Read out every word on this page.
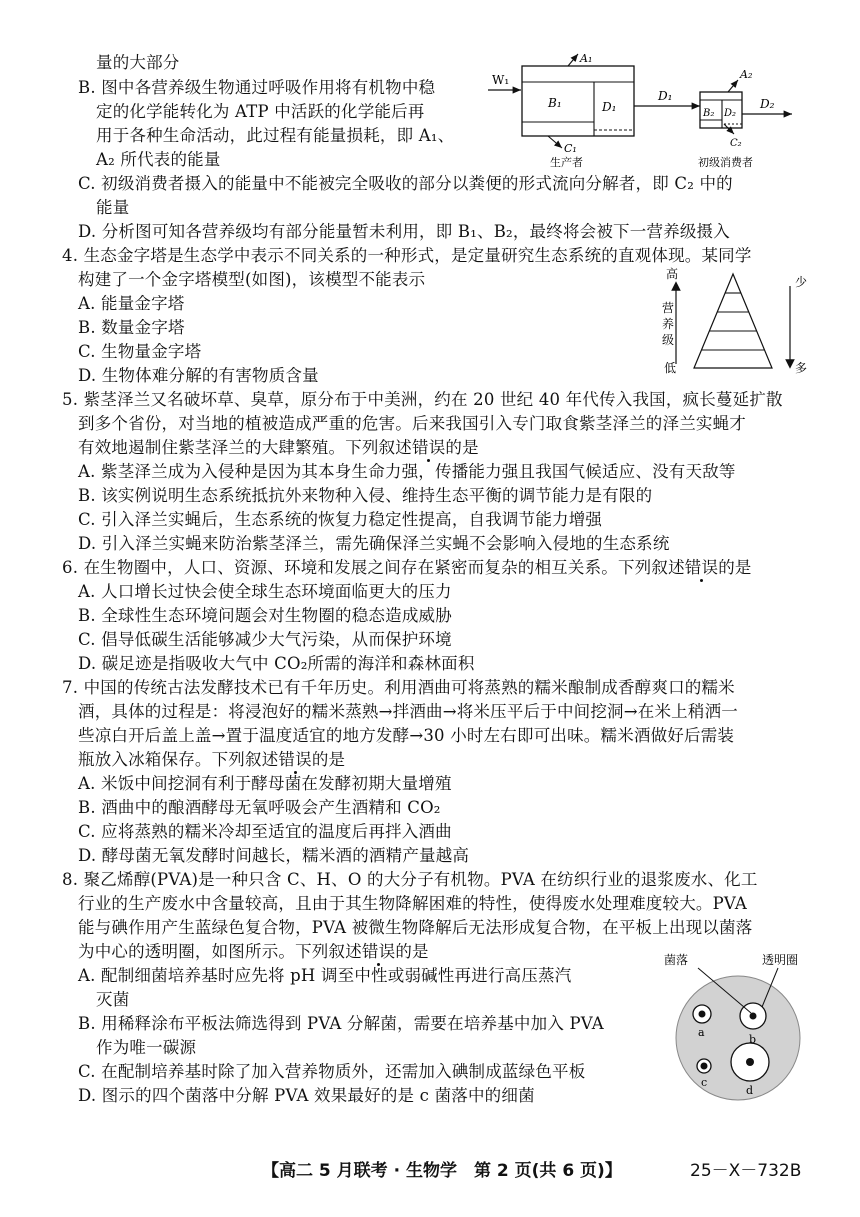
量的大部分
B. 图中各营养级生物通过呼吸作用将有机物中稳
定的化学能转化为 ATP 中活跃的化学能后再
用于各种生命活动，此过程有能量损耗，即 A₁、
A₂ 所代表的能量
C. 初级消费者摄入的能量中不能被完全吸收的部分以粪便的形式流向分解者，即 C₂ 中的
能量
D. 分析图可知各营养级均有部分能量暂未利用，即 B₁、B₂，最终将会被下一营养级摄入
W₁
A₁
B₁	D₁
C₁
D₁
生产者
A₂
B₂ D₂
C₂
D₂
初级消费者
4. 生态金字塔是生态学中表示不同关系的一种形式，是定量研究生态系统的直观体现。某同学
构建了一个金字塔模型(如图)，该模型不能表示
A. 能量金字塔
B. 数量金字塔
C. 生物量金字塔
D. 生物体难分解的有害物质含量
高
营
养
级
低
少
多
5. 紫茎泽兰又名破坏草、臭草，原分布于中美洲，约在 20 世纪 40 年代传入我国，疯长蔓延扩散
到多个省份，对当地的植被造成严重的危害。后来我国引入专门取食紫茎泽兰的泽兰实蝇才
有效地遏制住紫茎泽兰的大肆繁殖。下列叙述错误的是
A. 紫茎泽兰成为入侵种是因为其本身生命力强，传播能力强且我国气候适应、没有天敌等
B. 该实例说明生态系统抵抗外来物种入侵、维持生态平衡的调节能力是有限的
C. 引入泽兰实蝇后，生态系统的恢复力稳定性提高，自我调节能力增强
D. 引入泽兰实蝇来防治紫茎泽兰，需先确保泽兰实蝇不会影响入侵地的生态系统
6. 在生物圈中，人口、资源、环境和发展之间存在紧密而复杂的相互关系。下列叙述错误的是
A. 人口增长过快会使全球生态环境面临更大的压力
B. 全球性生态环境问题会对生物圈的稳态造成威胁
C. 倡导低碳生活能够减少大气污染，从而保护环境
D. 碳足迹是指吸收大气中 CO₂所需的海洋和森林面积
7. 中国的传统古法发酵技术已有千年历史。利用酒曲可将蒸熟的糯米酿制成香醇爽口的糯米
酒，具体的过程是：将浸泡好的糯米蒸熟→拌酒曲→将米压平后于中间挖洞→在米上稍洒一
些凉白开后盖上盖→置于温度适宜的地方发酵→30 小时左右即可出味。糯米酒做好后需装
瓶放入冰箱保存。下列叙述错误的是
A. 米饭中间挖洞有利于酵母菌在发酵初期大量增殖
B. 酒曲中的酿酒酵母无氧呼吸会产生酒精和 CO₂
C. 应将蒸熟的糯米冷却至适宜的温度后再拌入酒曲
D. 酵母菌无氧发酵时间越长，糯米酒的酒精产量越高
8. 聚乙烯醇(PVA)是一种只含 C、H、O 的大分子有机物。PVA 在纺织行业的退浆废水、化工
行业的生产废水中含量较高，且由于其生物降解困难的特性，使得废水处理难度较大。PVA
能与碘作用产生蓝绿色复合物，PVA 被微生物降解后无法形成复合物，在平板上出现以菌落
为中心的透明圈，如图所示。下列叙述错误的是
A. 配制细菌培养基时应先将 pH 调至中性或弱碱性再进行高压蒸汽
灭菌
B. 用稀释涂布平板法筛选得到 PVA 分解菌，需要在培养基中加入 PVA
作为唯一碳源
C. 在配制培养基时除了加入营养物质外，还需加入碘制成蓝绿色平板
D. 图示的四个菌落中分解 PVA 效果最好的是 c 菌落中的细菌
菌落	透明圈
a
b
c
d
【高二 5 月联考 · 生物学　第 2 页(共 6 页)】	25－X－732B
